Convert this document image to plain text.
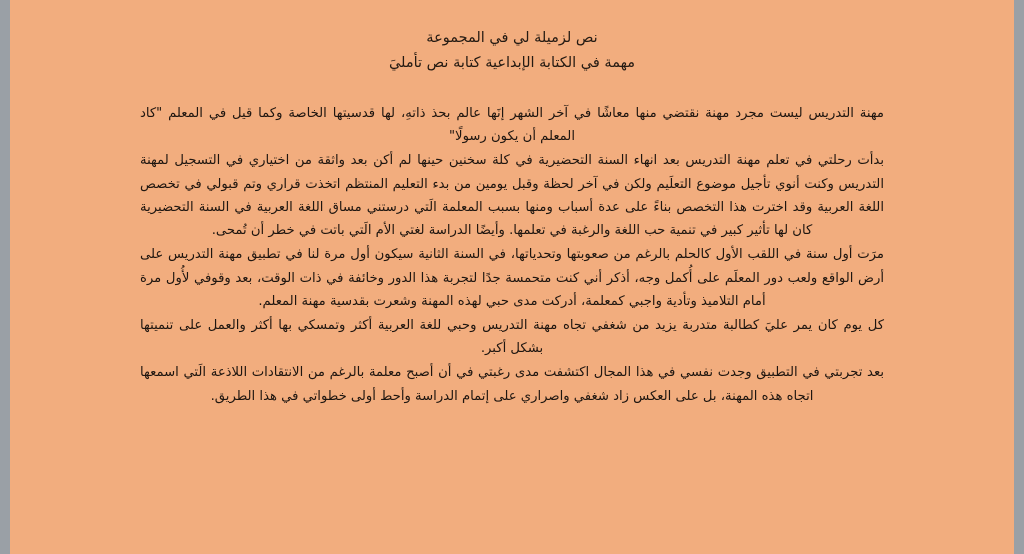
نص لزميلة لي في المجموعة
مهمة في الكتابة الإبداعية كتابة نص تأمليَ

مهنة التدريس ليست مجرد مهنة نقتضي منها معاشًا في آخر الشهر إنَها عالم بحذ ذاتهِ، لها قدسيتها الخاصة وكما قيل في المعلم "كاد المعلم أن يكون رسولًا"

بدأت رحلتي في تعلم مهنة التدريس بعد انهاء السنة التحضيرية في كلة سخنين حينها لم أكن بعد واثقة من اختياري في التسجيل لمهنة التدريس وكنت أنوي تأجيل موضوع التعلَيم ولكن في آخر لحظة وقبل يومين من بدء التعليم المنتظم اتخذت قراري وتم قبولي في تخصص اللغة العربية وقد اخترت هذا التخصص بناءً على عدة أسباب ومنها بسبب المعلمة الَتي درستني مساق اللغة العربية في السنة التحضيرية كان لها تأثير كبير في تنمية حب اللغة والرغبة في تعلمها. وأيضًا الدراسة لغتي الأم الَتي باتت في خطر أن تُمحى.

مرَت أول سنة في اللقب الأول كالحلم بالرغم من صعوبتها وتحدياتها، في السنة الثانية سيكون أول مرة لنا في تطبيق مهنة التدريس على أرض الواقع ولعب دور المعلَم على أُكمل وجه، أذكر أني كنت متحمسة جدًا لتجربة هذا الدور وخائفة في ذات الوقت، بعد وقوفي لأُول مرة أمام التلاميذ وتأدية واجبي كمعلمة، أدركت مدى حبي لهذه المهنة وشعرت بقدسية مهنة المعلم.

كل يوم كان يمر عليَ كطالبة متدربة يزيد من شغفي تجاه مهنة التدريس وحبي للغة العربية أكثر وتمسكي بها أكثر والعمل على تنميتها بشكل أكبر.

بعد تجربتي في التطبيق وجدت نفسي في هذا المجال اكتشفت مدى رغبتي في أن أصبح معلمة بالرغم من الانتقادات اللاذعة الَتي اسمعها اتجاه هذه المهنة، بل على العكس زاد شغفي واصراري على إتمام الدراسة وأحط أولى خطواتي في هذا الطريق.
